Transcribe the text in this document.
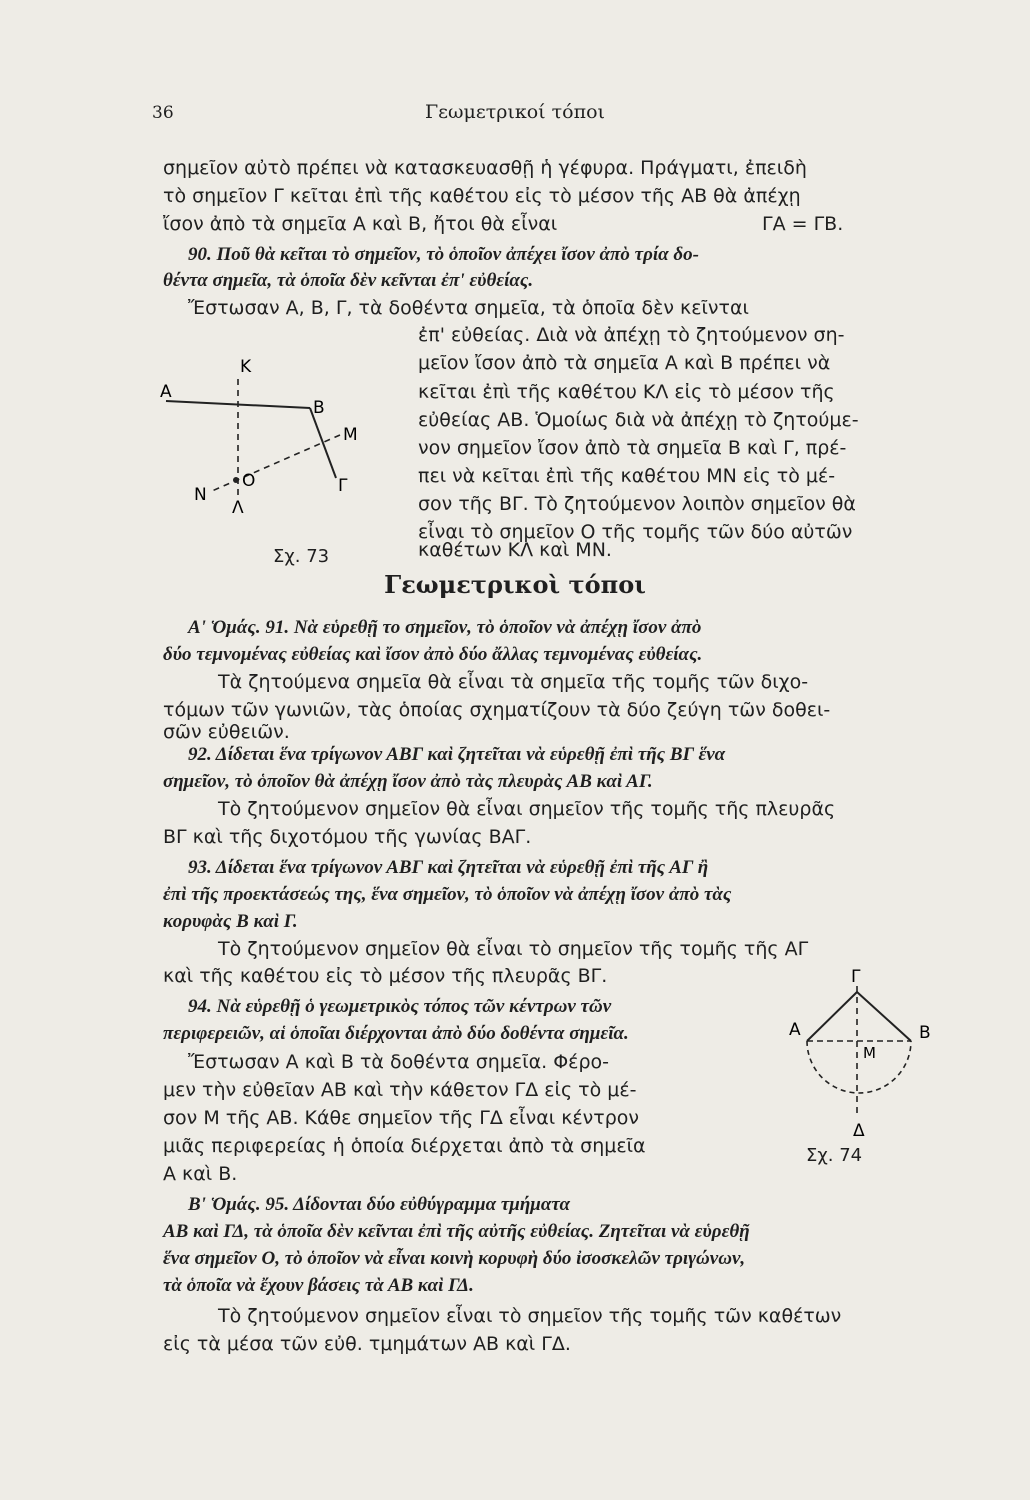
36	Γεωμετρικοί τόποι
σημεῖον αὐτὸ πρέπει νὰ κατασκευασθῇ ἡ γέφυρα. Πράγματι, ἐπειδὴ
τὸ σημεῖον Γ κεῖται ἐπὶ τῆς καθέτου εἰς τὸ μέσον τῆς ΑΒ θὰ ἀπέχῃ
ἴσον ἀπὸ τὰ σημεῖα Α καὶ Β, ἤτοι θὰ εἶναι	ΓΑ = ΓΒ.
90. Ποῦ θὰ κεῖται τὸ σημεῖον, τὸ ὁποῖον ἀπέχει ἴσον ἀπὸ τρία δο-
θέντα σημεῖα, τὰ ὁποῖα δὲν κεῖνται ἐπ' εὐθείας.
Ἔστωσαν Α, Β, Γ, τὰ δοθέντα σημεῖα, τὰ ὁποῖα δὲν κεῖνται
ἐπ' εὐθείας. Διὰ νὰ ἀπέχῃ τὸ ζητούμενον ση-
μεῖον ἴσον ἀπὸ τὰ σημεῖα Α καὶ Β πρέπει νὰ
κεῖται ἐπὶ τῆς καθέτου ΚΛ εἰς τὸ μέσον τῆς
εὐθείας ΑΒ. Ὁμοίως διὰ νὰ ἀπέχῃ τὸ ζητούμε-
νον σημεῖον ἴσον ἀπὸ τὰ σημεῖα Β καὶ Γ, πρέ-
πει νὰ κεῖται ἐπὶ τῆς καθέτου ΜΝ εἰς τὸ μέ-
σον τῆς ΒΓ. Τὸ ζητούμενον λοιπὸν σημεῖον θὰ
εἶναι τὸ σημεῖον Ο τῆς τομῆς τῶν δύο αὐτῶν
καθέτων ΚΛ καὶ ΜΝ.
Α
Β
Γ
Κ
Λ
Μ
Ν
Ο
Σχ. 73
Γεωμετρικοὶ τόποι
Α' Ὁμάς. 91. Νὰ εὑρεθῇ το σημεῖον, τὸ ὁποῖον νὰ ἀπέχῃ ἴσον ἀπὸ
δύο τεμνομένας εὐθείας καὶ ἴσον ἀπὸ δύο ἄλλας τεμνομένας εὐθείας.
Τὰ ζητούμενα σημεῖα θὰ εἶναι τὰ σημεῖα τῆς τομῆς τῶν διχο-
τόμων τῶν γωνιῶν, τὰς ὁποίας σχηματίζουν τὰ δύο ζεύγη τῶν δοθει-
σῶν εὐθειῶν.
92. Δίδεται ἕνα τρίγωνον ΑΒΓ καὶ ζητεῖται νὰ εὑρεθῇ ἐπὶ τῆς ΒΓ ἕνα
σημεῖον, τὸ ὁποῖον θὰ ἀπέχῃ ἴσον ἀπὸ τὰς πλευρὰς ΑΒ καὶ ΑΓ.
Τὸ ζητούμενον σημεῖον θὰ εἶναι σημεῖον τῆς τομῆς τῆς πλευρᾶς
ΒΓ καὶ τῆς διχοτόμου τῆς γωνίας ΒΑΓ.
93. Δίδεται ἕνα τρίγωνον ΑΒΓ καὶ ζητεῖται νὰ εὑρεθῇ ἐπὶ τῆς ΑΓ ἢ
ἐπὶ τῆς προεκτάσεώς της, ἕνα σημεῖον, τὸ ὁποῖον νὰ ἀπέχῃ ἴσον ἀπὸ τὰς
κορυφὰς Β καὶ Γ.
Τὸ ζητούμενον σημεῖον θὰ εἶναι τὸ σημεῖον τῆς τομῆς τῆς ΑΓ
καὶ τῆς καθέτου εἰς τὸ μέσον τῆς πλευρᾶς ΒΓ.
94. Νὰ εὑρεθῇ ὁ γεωμετρικὸς τόπος τῶν κέντρων τῶν
περιφερειῶν, αἱ ὁποῖαι διέρχονται ἀπὸ δύο δοθέντα σημεῖα.
Ἔστωσαν Α καὶ Β τὰ δοθέντα σημεῖα. Φέρο-
μεν τὴν εὐθεῖαν ΑΒ καὶ τὴν κάθετον ΓΔ εἰς τὸ μέ-
σον Μ τῆς ΑΒ. Κάθε σημεῖον τῆς ΓΔ εἶναι κέντρον
μιᾶς περιφερείας ἡ ὁποία διέρχεται ἀπὸ τὰ σημεῖα
Α καὶ Β.
Γ
Α	Β
Μ
Δ
Σχ. 74
Β' Ὁμάς. 95. Δίδονται δύο εὐθύγραμμα τμήματα
ΑΒ καὶ ΓΔ, τὰ ὁποῖα δὲν κεῖνται ἐπὶ τῆς αὐτῆς εὐθείας. Ζητεῖται νὰ εὑρεθῇ
ἕνα σημεῖον Ο, τὸ ὁποῖον νὰ εἶναι κοινὴ κορυφὴ δύο ἰσοσκελῶν τριγώνων,
τὰ ὁποῖα νὰ ἔχουν βάσεις τὰ ΑΒ καὶ ΓΔ.
Τὸ ζητούμενον σημεῖον εἶναι τὸ σημεῖον τῆς τομῆς τῶν καθέτων
εἰς τὰ μέσα τῶν εὐθ. τμημάτων ΑΒ καὶ ΓΔ.
